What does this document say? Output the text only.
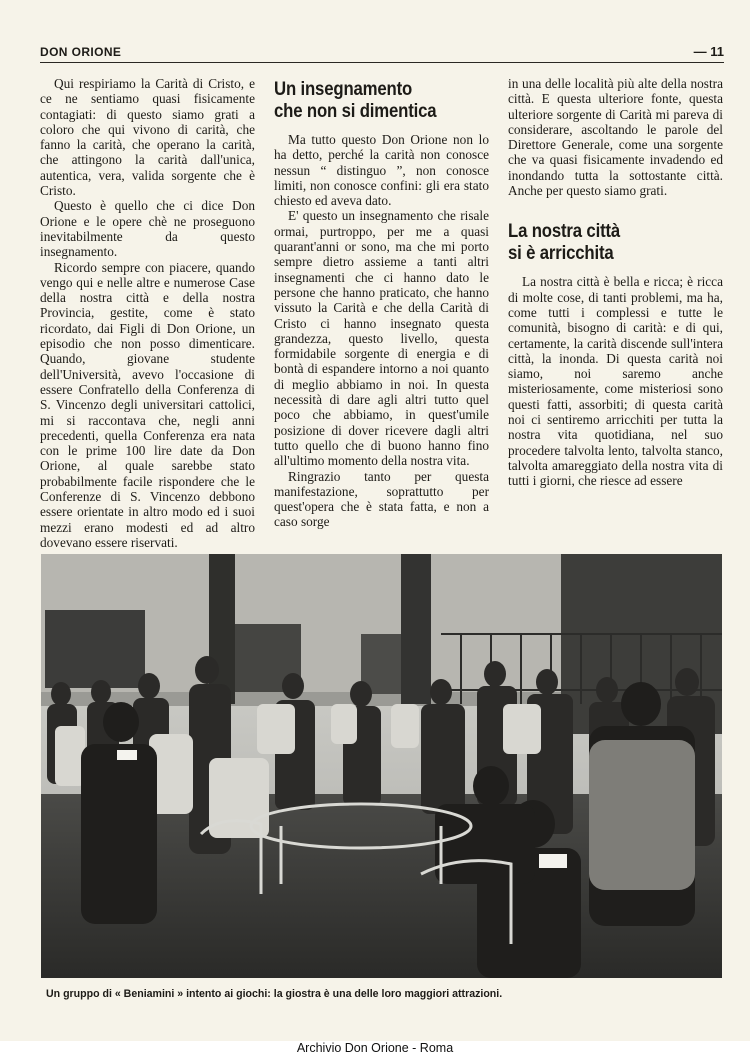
DON ORIONE	— 11

Qui respiriamo la Carità di Cristo, e ce ne sentiamo quasi fisicamente contagiati: di questo siamo grati a coloro che qui vivono di carità, che fanno la carità, che operano la carità, che attingono la carità dall'unica, autentica, vera, valida sorgente che è Cristo.

Questo è quello che ci dice Don Orione e le opere chè ne proseguono inevitabilmente da questo insegnamento.

Ricordo sempre con piacere, quando vengo qui e nelle altre e numerose Case della nostra città e della nostra Provincia, gestite, come è stato ricordato, dai Figli di Don Orione, un episodio che non posso dimenticare. Quando, giovane studente dell'Università, avevo l'occasione di essere Confratello della Conferenza di S. Vincenzo degli universitari cattolici, mi si raccontava che, negli anni precedenti, quella Conferenza era nata con le prime 100 lire date da Don Orione, al quale sarebbe stato probabilmente facile rispondere che le Conferenze di S. Vincenzo debbono essere orientate in altro modo ed i suoi mezzi erano modesti ed ad altro dovevano essere riservati.

Un insegnamento
che non si dimentica

Ma tutto questo Don Orione non lo ha detto, perché la carità non conosce nessun “ distinguo ”, non conosce limiti, non conosce confini: gli era stato chiesto ed aveva dato.

E' questo un insegnamento che risale ormai, purtroppo, per me a quasi quarant'anni or sono, ma che mi porto sempre dietro assieme a tanti altri insegnamenti che ci hanno dato le persone che hanno praticato, che hanno vissuto la Carità e che della Carità di Cristo ci hanno insegnato questa grandezza, questo livello, questa formidabile sorgente di energia e di bontà di espandere intorno a noi quanto di meglio abbiamo in noi. In questa necessità di dare agli altri tutto quel poco che abbiamo, in quest'umile posizione di dover ricevere dagli altri tutto quello che di buono hanno fino all'ultimo momento della nostra vita.

Ringrazio tanto per questa manifestazione, soprattutto per quest'opera che è stata fatta, e non a caso sorge

in una delle località più alte della nostra città. E questa ulteriore fonte, questa ulteriore sorgente di Carità mi pareva di considerare, ascoltando le parole del Direttore Generale, come una sorgente che va quasi fisicamente invadendo ed inondando tutta la sottostante città. Anche per questo siamo grati.

La nostra città
si è arricchita

La nostra città è bella e ricca; è ricca di molte cose, di tanti problemi, ma ha, come tutti i complessi e tutte le comunità, bisogno di carità: e di qui, certamente, la carità discende sull'intera città, la inonda. Di questa carità noi siamo, noi saremo anche misteriosamente, come misteriosi sono questi fatti, assorbiti; di questa carità noi ci sentiremo arricchiti per tutta la nostra vita quotidiana, nel suo procedere talvolta lento, talvolta stanco, talvolta amareggiato della nostra vita di tutti i giorni, che riesce ad essere

Un gruppo di « Beniamini » intento ai giochi: la giostra è una delle loro maggiori attrazioni.
Archivio Don Orione - Roma
